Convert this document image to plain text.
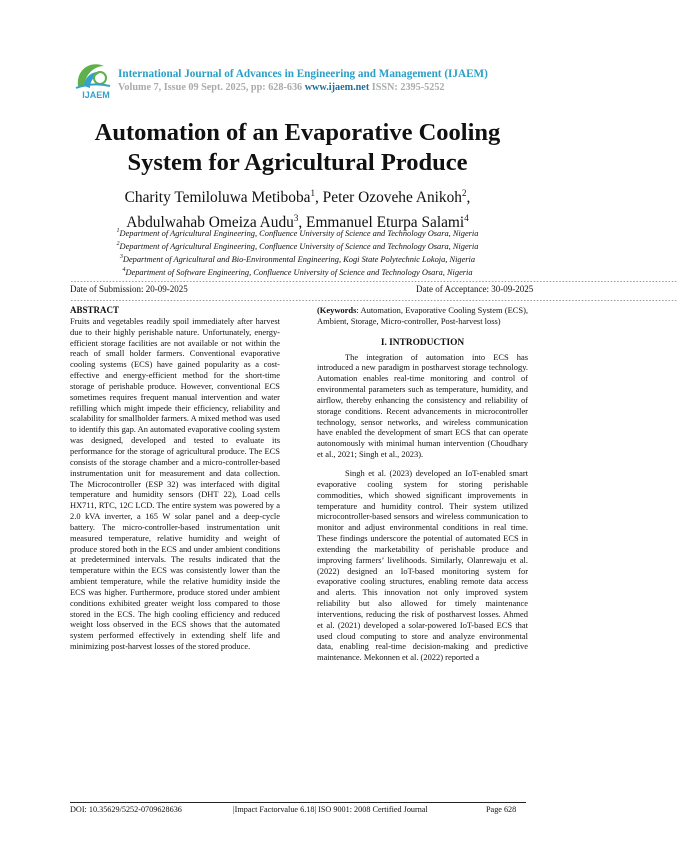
IJAEM
International Journal of Advances in Engineering and Management (IJAEM)
Volume 7, Issue 09 Sept. 2025, pp: 628-636 www.ijaem.net ISSN: 2395-5252
Automation of an Evaporative Cooling
System for Agricultural Produce
Charity Temiloluwa Metiboba$^1$, Peter Ozovehe Anikoh$^2$,
Abdulwahab Omeiza Audu$^3$, Emmanuel Eturpa Salami$^4$
$^1$Department of Agricultural Engineering, Confluence University of Science and Technology Osara, Nigeria
$^2$Department of Agricultural Engineering, Confluence University of Science and Technology Osara, Nigeria
$^3$Department of Agricultural and Bio-Environmental Engineering, Kogi State Polytechnic Lokoja, Nigeria
$^4$Department of Software Engineering, Confluence University of Science and Technology Osara, Nigeria
---------------------------------------------------------------------------------------------------------------------------------------------------------------------------------------------
Date of Submission: 20-09-2025	Date of Acceptance: 30-09-2025
---------------------------------------------------------------------------------------------------------------------------------------------------------------------------------------------

ABSTRACT

Fruits and vegetables readily spoil immediately after harvest due to their highly perishable nature. Unfortunately, energy-efficient storage facilities are not available or not within the reach of small holder farmers. Conventional evaporative cooling systems (ECS) have gained popularity as a cost-effective and energy-efficient method for the short-time storage of perishable produce. However, conventional ECS sometimes requires frequent manual intervention and water refilling which might impede their efficiency, reliability and scalability for smallholder farmers. A mixed method was used to identify this gap. An automated evaporative cooling system was designed, developed and tested to evaluate its performance for the storage of agricultural produce. The ECS consists of the storage chamber and a micro-controller-based instrumentation unit for measurement and data collection. The Microcontroller (ESP 32) was interfaced with digital temperature and humidity sensors (DHT 22), Load cells HX711, RTC, 12C LCD. The entire system was powered by a 2.0 kVA inverter, a 165 W solar panel and a deep-cycle battery. The micro-controller-based instrumentation unit measured temperature, relative humidity and weight of produce stored both in the ECS and under ambient conditions at predetermined intervals. The results indicated that the temperature within the ECS was consistently lower than the ambient temperature, while the relative humidity inside the ECS was higher. Furthermore, produce stored under ambient conditions exhibited greater weight loss compared to those stored in the ECS. The high cooling efficiency and reduced weight loss observed in the ECS shows that the automated system performed effectively in extending shelf life and minimizing post-harvest losses of the stored produce.

(Keywords: Automation, Evaporative Cooling System (ECS), Ambient, Storage, Micro-controller, Post-harvest loss)

I. INTRODUCTION

The integration of automation into ECS has introduced a new paradigm in postharvest storage technology. Automation enables real-time monitoring and control of environmental parameters such as temperature, humidity, and airflow, thereby enhancing the consistency and reliability of storage conditions. Recent advancements in microcontroller technology, sensor networks, and wireless communication have enabled the development of smart ECS that can operate autonomously with minimal human intervention (Choudhary et al., 2021; Singh et al., 2023).

Singh et al. (2023) developed an IoT-enabled smart evaporative cooling system for storing perishable commodities, which showed significant improvements in temperature and humidity control. Their system utilized microcontroller-based sensors and wireless communication to monitor and adjust environmental conditions in real time. These findings underscore the potential of automated ECS in extending the marketability of perishable produce and improving farmers’ livelihoods. Similarly, Olanrewaju et al. (2022) designed an IoT-based monitoring system for evaporative cooling structures, enabling remote data access and alerts. This innovation not only improved system reliability but also allowed for timely maintenance interventions, reducing the risk of postharvest losses. Ahmed et al. (2021) developed a solar-powered IoT-based ECS that used cloud computing to store and analyze environmental data, enabling real-time decision-making and predictive maintenance. Mekonnen et al. (2022) reported a

DOI: 10.35629/5252-0709628636	|Impact Factorvalue 6.18| ISO 9001: 2008 Certified Journal	Page 628
